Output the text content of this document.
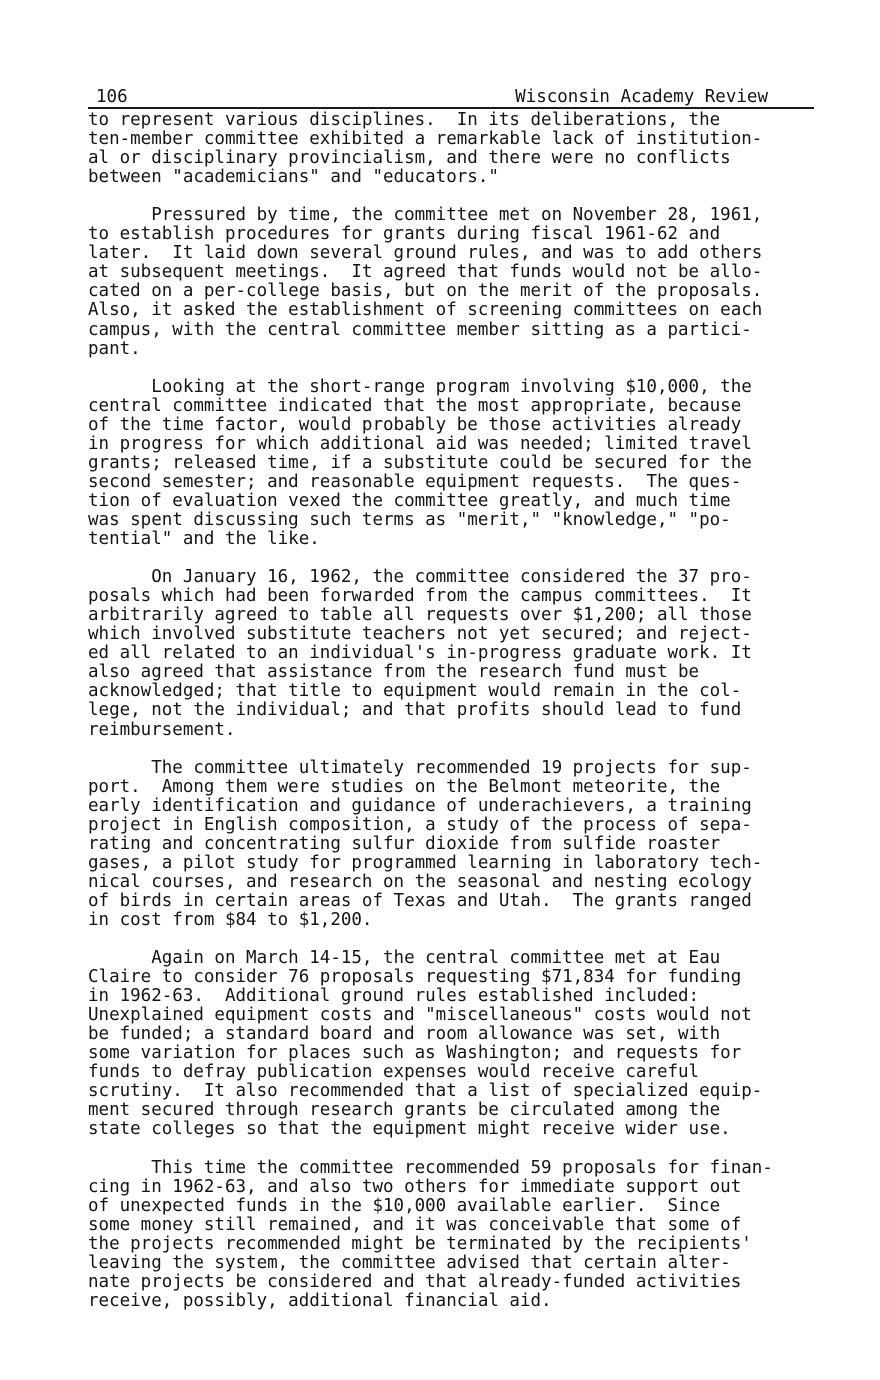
106	Wisconsin Academy Review
to represent various disciplines.  In its deliberations, the
ten-member committee exhibited a remarkable lack of institution-
al or disciplinary provincialism, and there were no conflicts
between "academicians" and "educators."
Pressured by time, the committee met on November 28, 1961,
to establish procedures for grants during fiscal 1961-62 and
later.  It laid down several ground rules, and was to add others
at subsequent meetings.  It agreed that funds would not be allo-
cated on a per-college basis, but on the merit of the proposals.
Also, it asked the establishment of screening committees on each
campus, with the central committee member sitting as a partici-
pant.
Looking at the short-range program involving $10,000, the
central committee indicated that the most appropriate, because
of the time factor, would probably be those activities already
in progress for which additional aid was needed; limited travel
grants; released time, if a substitute could be secured for the
second semester; and reasonable equipment requests.  The ques-
tion of evaluation vexed the committee greatly, and much time
was spent discussing such terms as "merit," "knowledge," "po-
tential" and the like.
On January 16, 1962, the committee considered the 37 pro-
posals which had been forwarded from the campus committees.  It
arbitrarily agreed to table all requests over $1,200; all those
which involved substitute teachers not yet secured; and reject-
ed all related to an individual's in-progress graduate work. It
also agreed that assistance from the research fund must be
acknowledged; that title to equipment would remain in the col-
lege, not the individual; and that profits should lead to fund
reimbursement.
The committee ultimately recommended 19 projects for sup-
port.  Among them were studies on the Belmont meteorite, the
early identification and guidance of underachievers, a training
project in English composition, a study of the process of sepa-
rating and concentrating sulfur dioxide from sulfide roaster
gases, a pilot study for programmed learning in laboratory tech-
nical courses, and research on the seasonal and nesting ecology
of birds in certain areas of Texas and Utah.  The grants ranged
in cost from $84 to $1,200.
Again on March 14-15, the central committee met at Eau
Claire to consider 76 proposals requesting $71,834 for funding
in 1962-63.  Additional ground rules established included:
Unexplained equipment costs and "miscellaneous" costs would not
be funded; a standard board and room allowance was set, with
some variation for places such as Washington; and requests for
funds to defray publication expenses would receive careful
scrutiny.  It also recommended that a list of specialized equip-
ment secured through research grants be circulated among the
state colleges so that the equipment might receive wider use.
This time the committee recommended 59 proposals for finan-
cing in 1962-63, and also two others for immediate support out
of unexpected funds in the $10,000 available earlier.  Since
some money still remained, and it was conceivable that some of
the projects recommended might be terminated by the recipients'
leaving the system, the committee advised that certain alter-
nate projects be considered and that already-funded activities
receive, possibly, additional financial aid.
